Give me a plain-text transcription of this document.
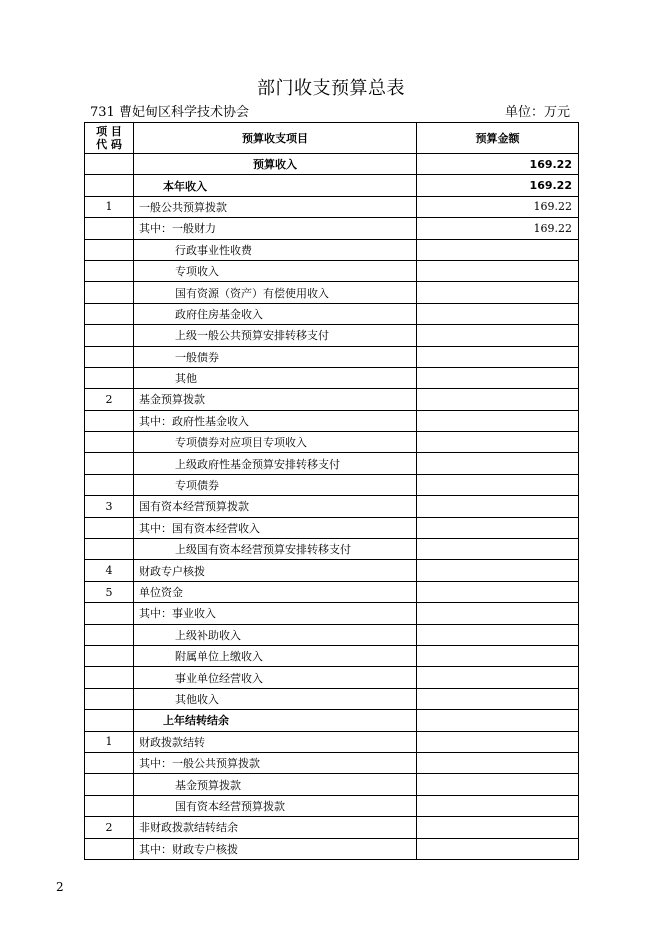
部门收支预算总表
731 曹妃甸区科学技术协会	单位：万元
项 目
代 码	预算收支项目	预算金额
	预算收入	169.22
	本年收入	169.22
1	一般公共预算拨款	169.22
	其中：一般财力	169.22
	行政事业性收费	
	专项收入	
	国有资源（资产）有偿使用收入	
	政府住房基金收入	
	上级一般公共预算安排转移支付	
	一般债券	
	其他	
2	基金预算拨款	
	其中：政府性基金收入	
	专项债券对应项目专项收入	
	上级政府性基金预算安排转移支付	
	专项债券	
3	国有资本经营预算拨款	
	其中：国有资本经营收入	
	上级国有资本经营预算安排转移支付	
4	财政专户核拨	
5	单位资金	
	其中：事业收入	
	上级补助收入	
	附属单位上缴收入	
	事业单位经营收入	
	其他收入	
	上年结转结余	
1	财政拨款结转	
	其中：一般公共预算拨款	
	基金预算拨款	
	国有资本经营预算拨款	
2	非财政拨款结转结余	
	其中：财政专户核拨	
2
